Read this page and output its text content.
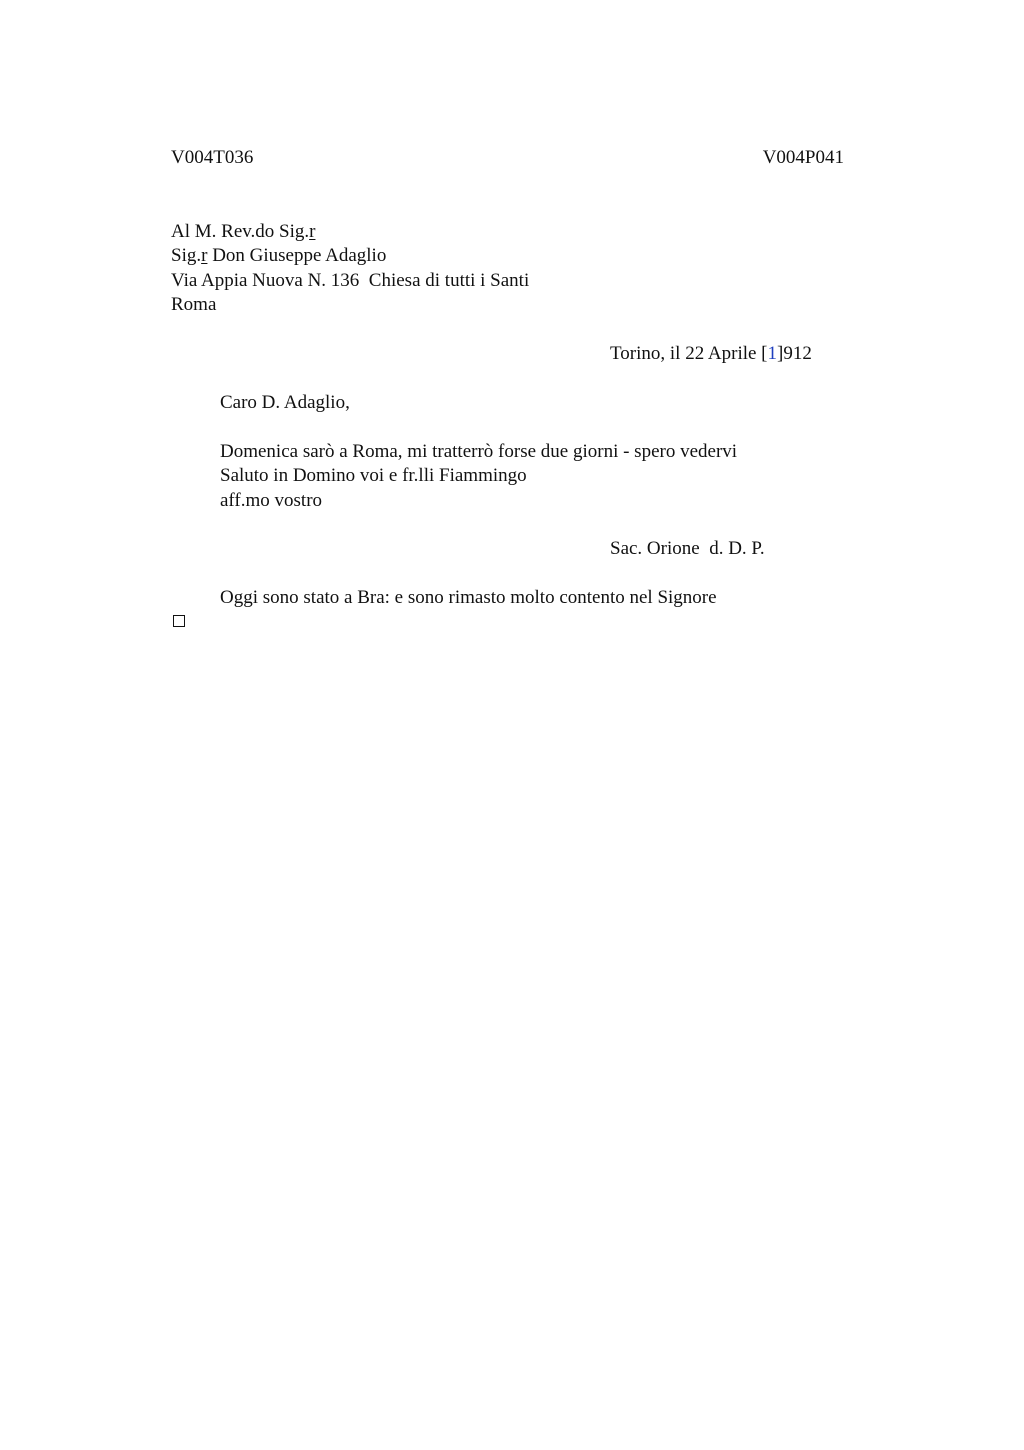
V004T036	V004P041
Al M. Rev.do Sig.r
Sig.r Don Giuseppe Adaglio
Via Appia Nuova N. 136  Chiesa di tutti i Santi
Roma
Torino, il 22 Aprile [1]912
Caro D. Adaglio,
Domenica sarò a Roma, mi tratterrò forse due giorni - spero vedervi
Saluto in Domino voi e fr.lli Fiammingo
aff.mo vostro
Sac. Orione  d. D. P.
Oggi sono stato a Bra: e sono rimasto molto contento nel Signore
